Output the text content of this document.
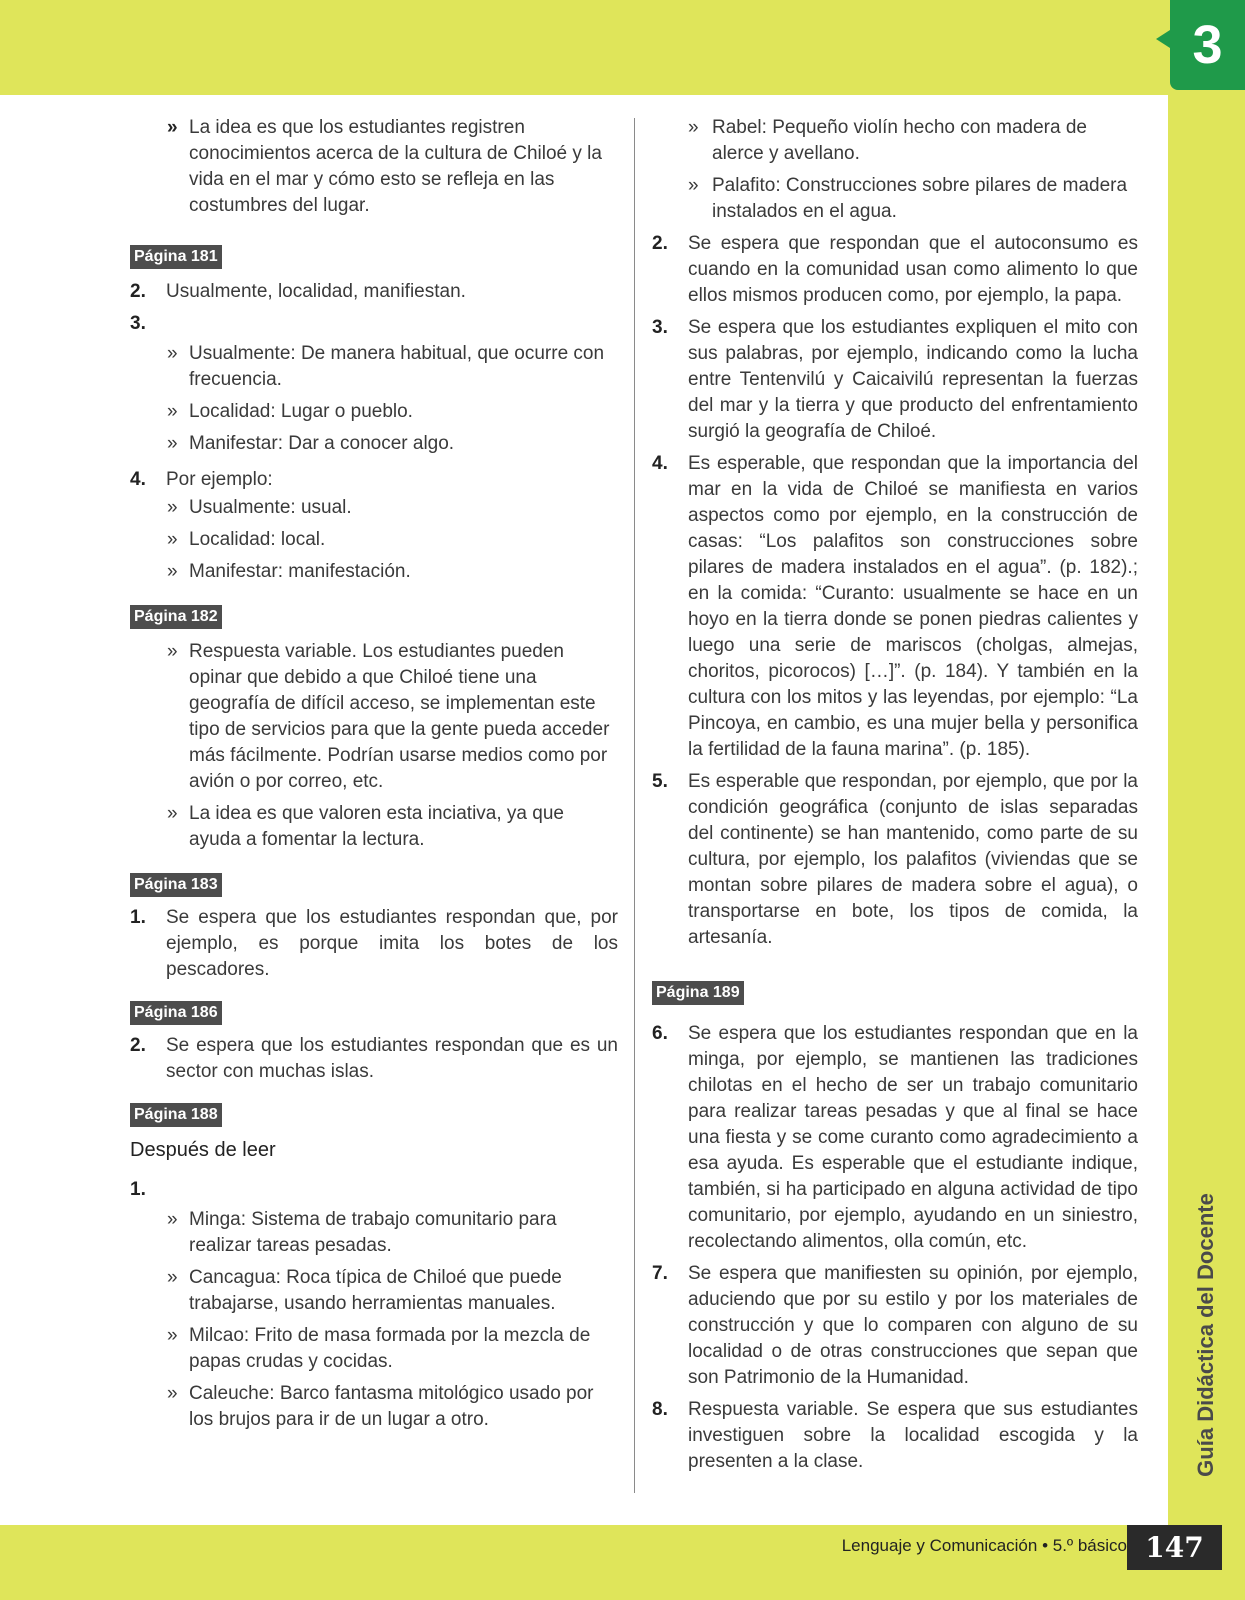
3
Guía Didáctica del Docente
Lenguaje y Comunicación • 5.º básico 147
» La idea es que los estudiantes registren conocimientos acerca de la cultura de Chiloé y la vida en el mar y cómo esto se refleja en las costumbres del lugar.
Página 181
2. Usualmente, localidad, manifiestan.
3.

» Usualmente: De manera habitual, que ocurre con frecuencia.
» Localidad: Lugar o pueblo.
» Manifestar: Dar a conocer algo.
4. Por ejemplo:
» Usualmente: usual.
» Localidad: local.
» Manifestar: manifestación.
Página 182
» Respuesta variable. Los estudiantes pueden opinar que debido a que Chiloé tiene una geografía de difícil acceso, se implementan este tipo de servicios para que la gente pueda acceder más fácilmente. Podrían usarse medios como por avión o por correo, etc.
» La idea es que valoren esta inciativa, ya que ayuda a fomentar la lectura.
Página 183
1. Se espera que los estudiantes respondan que, por ejemplo, es porque imita los botes de los pescadores.
Página 186
2. Se espera que los estudiantes respondan que es un sector con muchas islas.
Página 188
Después de leer
1.

» Minga: Sistema de trabajo comunitario para realizar tareas pesadas.
» Cancagua: Roca típica de Chiloé que puede trabajarse, usando herramientas manuales.
» Milcao: Frito de masa formada por la mezcla de papas crudas y cocidas.
» Caleuche: Barco fantasma mitológico usado por los brujos para ir de un lugar a otro.
» Rabel: Pequeño violín hecho con madera de alerce y avellano.
» Palafito: Construcciones sobre pilares de madera instalados en el agua.
2. Se espera que respondan que el autoconsumo es cuando en la comunidad usan como alimento lo que ellos mismos producen como, por ejemplo, la papa.
3. Se espera que los estudiantes expliquen el mito con sus palabras, por ejemplo, indicando como la lucha entre Tentenvilú y Caicaivilú representan la fuerzas del mar y la tierra y que producto del enfrentamiento surgió la geografía de Chiloé.
4. Es esperable, que respondan que la importancia del mar en la vida de Chiloé se manifiesta en varios aspectos como por ejemplo, en la construcción de casas: “Los palafitos son construcciones sobre pilares de madera instalados en el agua”. (p. 182).; en la comida: “Curanto: usualmente se hace en un hoyo en la tierra donde se ponen piedras calientes y luego una serie de mariscos (cholgas, almejas, choritos, picorocos) […]”. (p. 184). Y también en la cultura con los mitos y las leyendas, por ejemplo: “La Pincoya, en cambio, es una mujer bella y personifica la fertilidad de la fauna marina”. (p. 185).
5. Es esperable que respondan, por ejemplo, que por la condición geográfica (conjunto de islas separadas del continente) se han mantenido, como parte de su cultura, por ejemplo, los palafitos (viviendas que se montan sobre pilares de madera sobre el agua), o transportarse en bote, los tipos de comida, la artesanía.
Página 189
6. Se espera que los estudiantes respondan que en la minga, por ejemplo, se mantienen las tradiciones chilotas en el hecho de ser un trabajo comunitario para realizar tareas pesadas y que al final se hace una fiesta y se come curanto como agradecimiento a esa ayuda. Es esperable que el estudiante indique, también, si ha participado en alguna actividad de tipo comunitario, por ejemplo, ayudando en un siniestro, recolectando alimentos, olla común, etc.
7. Se espera que manifiesten su opinión, por ejemplo, aduciendo que por su estilo y por los materiales de construcción y que lo comparen con alguno de su localidad o de otras construcciones que sepan que son Patrimonio de la Humanidad.
8. Respuesta variable. Se espera que sus estudiantes investiguen sobre la localidad escogida y la presenten a la clase.
